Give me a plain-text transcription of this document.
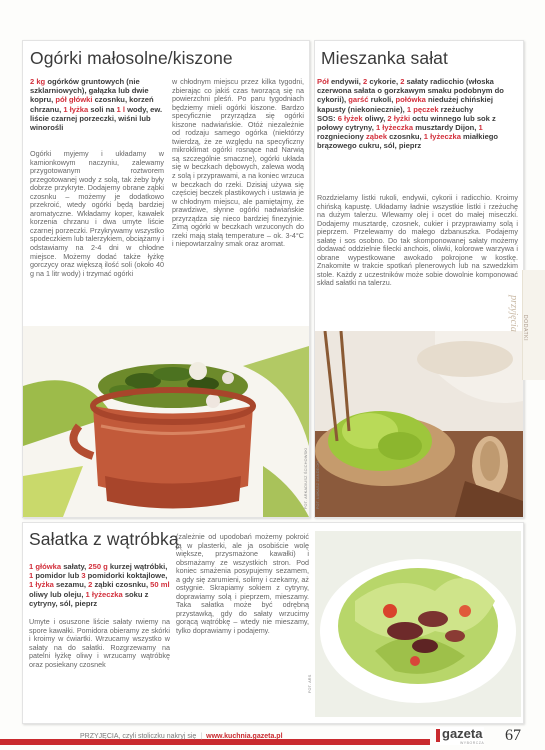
Ogórki małosolne/kiszone
2 kg ogórków gruntowych (nie szklarniowych), gałązka lub dwie kopru, pół główki czosnku, korzeń chrzanu, 1 łyżka soli na 1 l wody, ew. liście czarnej porzeczki, wiśni lub winorośli

Ogórki myjemy i układamy w kamionkowym naczyniu, zalewamy przygotowanym roztworem przegotowanej wody z solą, tak żeby były dobrze przykryte. Dodajemy obrane ząbki czosnku – możemy je dodatkowo przekroić, wtedy ogórki będą bardziej aromatyczne. Wkładamy koper, kawałek korzenia chrzanu i dwa umyte liście czarnej porzeczki. Przykrywamy wszystko spodeczkiem lub talerzykiem, obciążamy i odstawiamy na 2-4 dni w chłodne miejsce. Możemy dodać także łyżkę gorczycy oraz większą ilość soli (około 40 g na 1 litr wody) i trzymać ogórki

w chłodnym miejscu przez kilka tygodni, zbierając co jakiś czas tworzącą się na powierzchni pleśń. Po paru tygodniach będziemy mieli ogórki kiszone. Bardzo specyficznie przyrządza się ogórki kiszone nadwiańskie. Otóż niezależnie od rodzaju samego ogórka (niektórzy twierdzą, że ze względu na specyficzny mikroklimat ogórki rosnące nad Narwią są szczególnie smaczne), ogórki układa się w beczkach dębowych, zalewa wodą z solą i przyprawami, a na koniec wrzuca w beczkach do rzeki. Dzisiaj używa się częściej beczek plastikowych i ustawia je w chłodnym miejscu, ale pamiętajmy, że prawdziwe, słynne ogórki nadwiańskie przyrządza się nieco bardziej finezyjnie. Zimą ogórki w beczkach wrzuconych do rzeki mają stałą temperature – ok. 3-4°C i niepowtarzalny smak oraz aromat.

FOT. ARKADIUSZ ŚCICHOWSKI
Mieszanka sałat
Pół endywii, 2 cykorie, 2 sałaty radicchio (włoska czerwona sałata o gorzkawym smaku podobnym do cykorii), garść rukoli, połówka niedużej chińskiej kapusty (niekoniecznie), 1 pęczek rzeżuchy
SOS: 6 łyżek oliwy, 2 łyżki octu winnego lub sok z połowy cytryny, 1 łyżeczka musztardy Dijon, 1 rozgnieciony ząbek czosnku, 1 łyżeczka miałkiego brązowego cukru, sól, pieprz

Rozdzielamy listki rukoli, endywii, cykorii i radicchio. Kroimy chińską kapustę. Układamy ładnie wszystkie listki i rzeżuchę na dużym talerzu. Wlewamy olej i ocet do małej miseczki. Dodajemy musztardę, czosnek, cukier i przyprawiamy solą i pieprzem. Przelewamy do małego dzbanuszka. Podajemy sałatę i sos osobno. Do tak skomponowanej sałaty możemy dodawać oddzielnie filecki anchois, oliwki, kolorowe warzywa i obrane wypestkowane awokado pokrojone w kostkę. Znakomite w trakcie spotkań plenerowych lub na szwedzkim stole. Każdy z uczestników może sobie dowolnie komponować skład sałatki na talerzu.

FOT. ŁUKASZ ZANDECKI
przyjęcia DODATKI
Sałatka z wątróbką
1 główka sałaty, 250 g kurzej wątróbki, 1 pomidor lub 3 pomidorki koktajlowe, 1 łyżka sezamu, 2 ząbki czosnku, 50 ml oliwy lub oleju, 1 łyżeczka soku z cytryny, sól, pieprz

Umyte i osuszone liście sałaty rwiemy na spore kawałki. Pomidora obieramy ze skórki i kroimy w ćwiartki. Wrzucamy wszystko w sałaty na do sałatki. Rozgrzewamy na patelni łyżkę oliwy i wrzucamy wątróbkę oraz posiekany czosnek

(zależnie od upodobań możemy pokroić ją w plasterki, ale ja osobiście wolę większe, przysmażone kawałki) i obsmażamy ze wszystkich stron. Pod koniec smażenia posypujemy sezamem, a gdy się zarumieni, solimy i czekamy, aż ostygnie. Skrapiamy sokiem z cytryny, doprawiamy solą i pieprzem, mieszamy. Taka sałatka może być odrębną przystawką, gdy do sałaty wrzucimy gorącą wątróbkę – wtedy nie mieszamy, tylko doprawiamy i podajemy.

FOT. ARS
PRZYJĘCIA, czyli stoliczku nakryj się | www.kuchnia.gazeta.pl	gazeta
WYBORCZA 67
